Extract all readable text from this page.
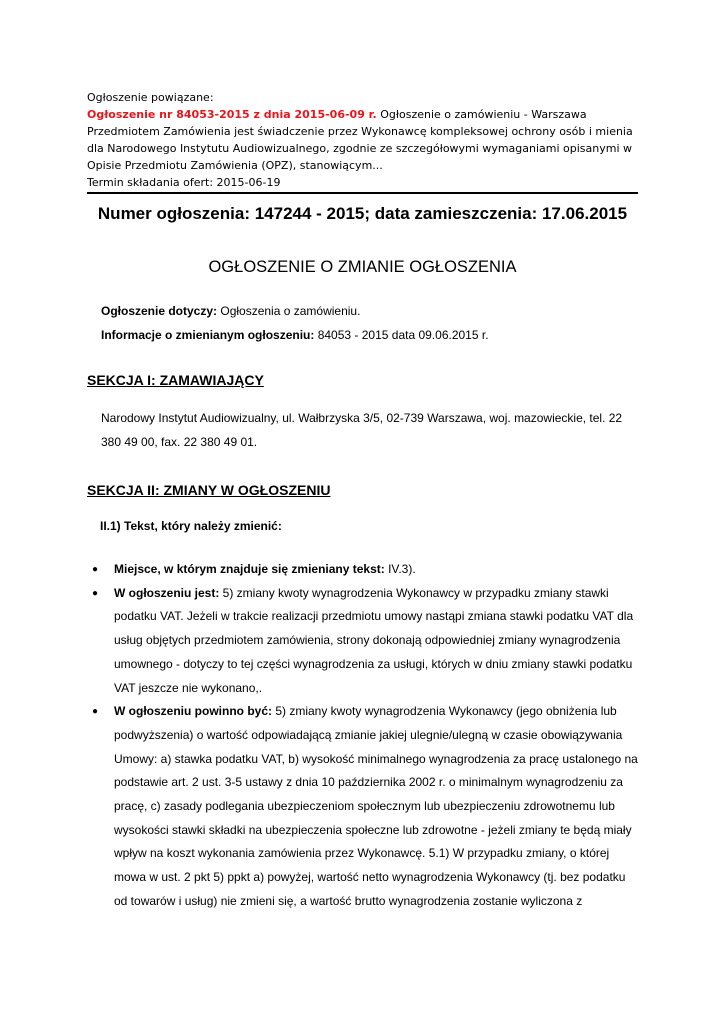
Ogłoszenie powiązane:

Ogłoszenie nr 84053-2015 z dnia 2015-06-09 r. Ogłoszenie o zamówieniu - Warszawa Przedmiotem Zamówienia jest świadczenie przez Wykonawcę kompleksowej ochrony osób i mienia dla Narodowego Instytutu Audiowizualnego, zgodnie ze szczegółowymi wymaganiami opisanymi w Opisie Przedmiotu Zamówienia (OPZ), stanowiącym...

Termin składania ofert: 2015-06-19

Numer ogłoszenia: 147244 - 2015; data zamieszczenia: 17.06.2015
OGŁOSZENIE O ZMIANIE OGŁOSZENIA
Ogłoszenie dotyczy: Ogłoszenia o zamówieniu.
Informacje o zmienianym ogłoszeniu: 84053 - 2015 data 09.06.2015 r.
SEKCJA I: ZAMAWIAJĄCY
Narodowy Instytut Audiowizualny, ul. Wałbrzyska 3/5, 02-739 Warszawa, woj. mazowieckie, tel. 22 380 49 00, fax. 22 380 49 01.
SEKCJA II: ZMIANY W OGŁOSZENIU
II.1) Tekst, który należy zmienić:
● Miejsce, w którym znajduje się zmieniany tekst: IV.3).
● W ogłoszeniu jest: 5) zmiany kwoty wynagrodzenia Wykonawcy w przypadku zmiany stawki podatku VAT. Jeżeli w trakcie realizacji przedmiotu umowy nastąpi zmiana stawki podatku VAT dla usług objętych przedmiotem zamówienia, strony dokonają odpowiedniej zmiany wynagrodzenia umownego - dotyczy to tej części wynagrodzenia za usługi, których w dniu zmiany stawki podatku VAT jeszcze nie wykonano,.
● W ogłoszeniu powinno być: 5) zmiany kwoty wynagrodzenia Wykonawcy (jego obniżenia lub podwyższenia) o wartość odpowiadającą zmianie jakiej ulegnie/ulegną w czasie obowiązywania Umowy: a) stawka podatku VAT, b) wysokość minimalnego wynagrodzenia za pracę ustalonego na podstawie art. 2 ust. 3-5 ustawy z dnia 10 października 2002 r. o minimalnym wynagrodzeniu za pracę, c) zasady podlegania ubezpieczeniom społecznym lub ubezpieczeniu zdrowotnemu lub wysokości stawki składki na ubezpieczenia społeczne lub zdrowotne - jeżeli zmiany te będą miały wpływ na koszt wykonania zamówienia przez Wykonawcę. 5.1) W przypadku zmiany, o której mowa w ust. 2 pkt 5) ppkt a) powyżej, wartość netto wynagrodzenia Wykonawcy (tj. bez podatku od towarów i usług) nie zmieni się, a wartość brutto wynagrodzenia zostanie wyliczona z
